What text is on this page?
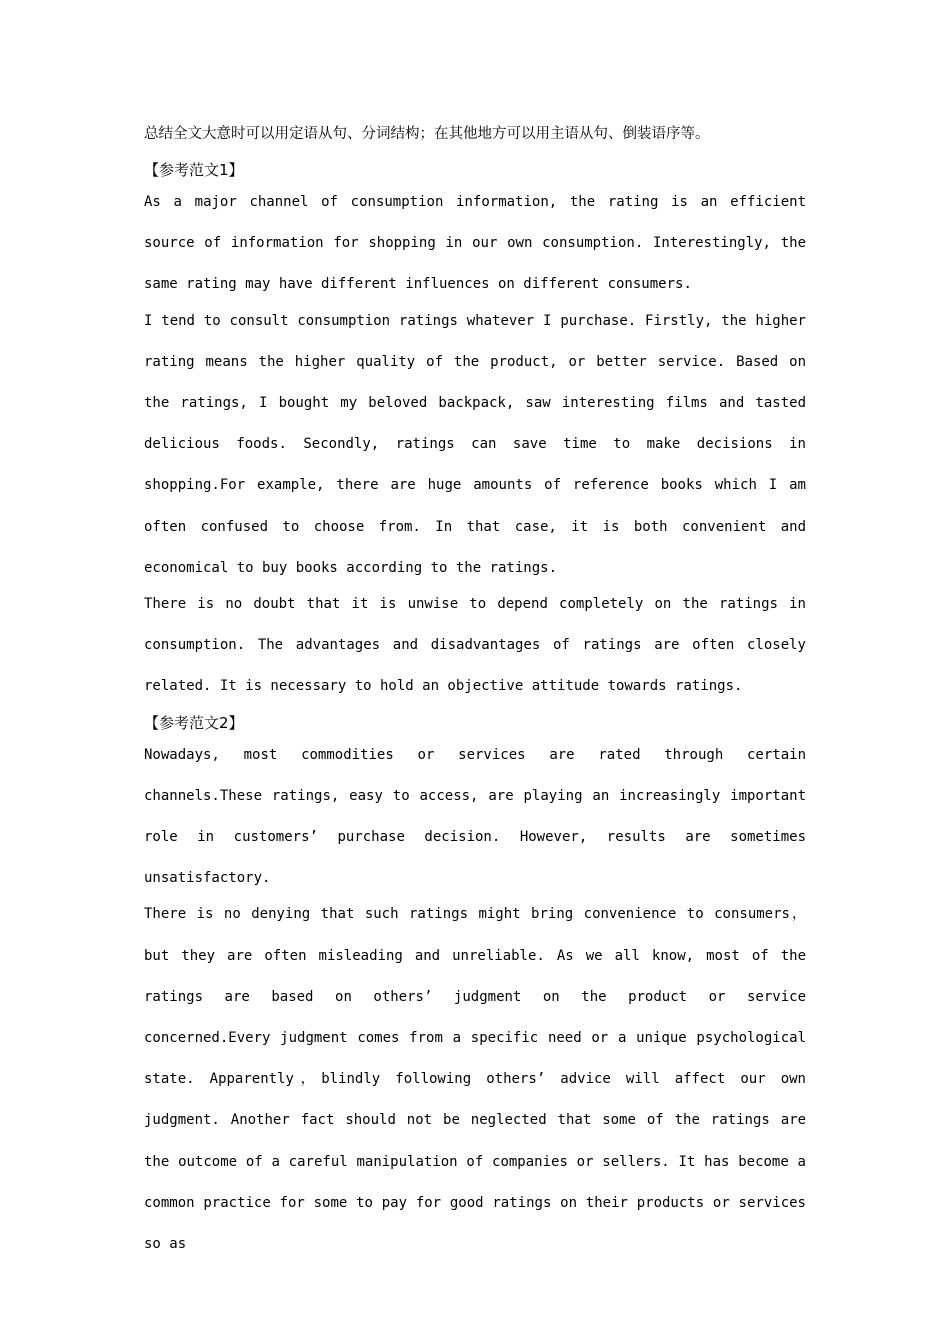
总结全文大意时可以用定语从句、分词结构；在其他地方可以用主语从句、倒装语序等。

【参考范文1】

As a major channel of consumption information, the rating is an efficient source of information for shopping in our own consumption. Interestingly, the same rating may have different influences on different consumers.

I tend to consult consumption ratings whatever I purchase. Firstly, the higher rating means the higher quality of the product, or better service. Based on the ratings, I bought my beloved backpack, saw interesting films and tasted delicious foods. Secondly, ratings can save time to make decisions in shopping.For example, there are huge amounts of reference books which I am often confused to choose from. In that case, it is both convenient and economical to buy books according to the ratings.

There is no doubt that it is unwise to depend completely on the ratings in consumption. The advantages and disadvantages of ratings are often closely related. It is necessary to hold an objective attitude towards ratings.

【参考范文2】

Nowadays, most commodities or services are rated through certain channels.These ratings, easy to access, are playing an increasingly important role in customers’ purchase decision. However, results are sometimes unsatisfactory.

There is no denying that such ratings might bring convenience to consumers，but they are often misleading and unreliable. As we all know, most of the ratings are based on others’ judgment on the product or service concerned.Every judgment comes from a specific need or a unique psychological state. Apparently，blindly following others’ advice will affect our own judgment. Another fact should not be neglected that some of the ratings are the outcome of a careful manipulation of companies or sellers. It has become a common practice for some to pay for good ratings on their products or services so as
